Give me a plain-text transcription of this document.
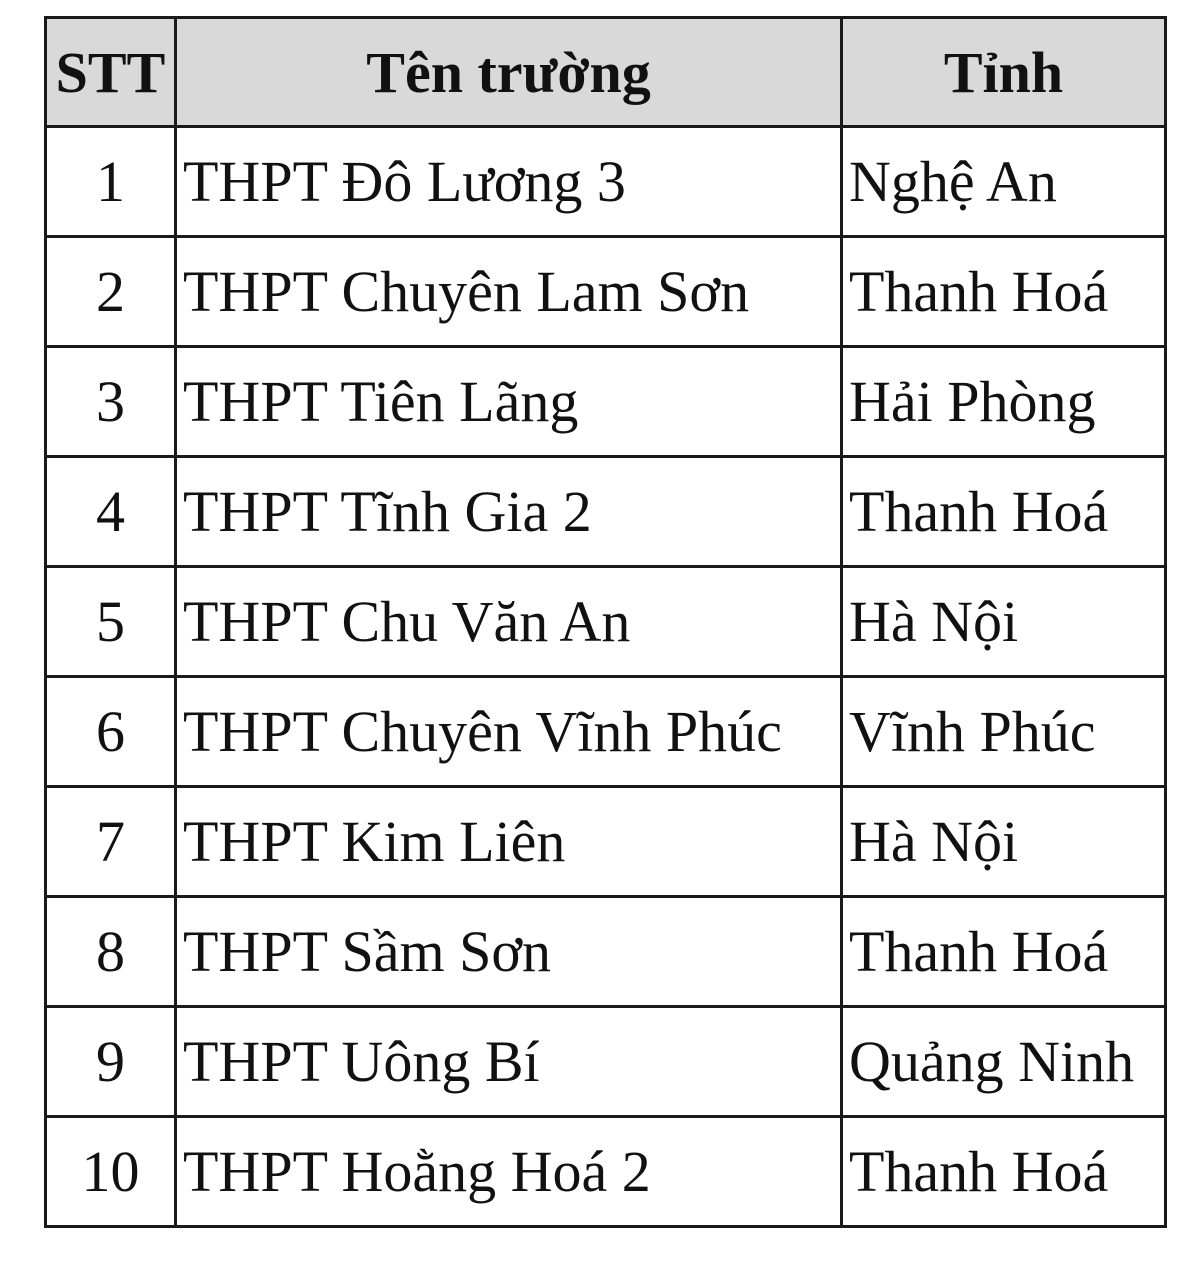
STT	Tên trường	Tỉnh
1	THPT Đô Lương 3	Nghệ An
2	THPT Chuyên Lam Sơn	Thanh Hoá
3	THPT Tiên Lãng	Hải Phòng
4	THPT Tĩnh Gia 2	Thanh Hoá
5	THPT Chu Văn An	Hà Nội
6	THPT Chuyên Vĩnh Phúc	Vĩnh Phúc
7	THPT Kim Liên	Hà Nội
8	THPT Sầm Sơn	Thanh Hoá
9	THPT Uông Bí	Quảng Ninh
10	THPT Hoằng Hoá 2	Thanh Hoá
